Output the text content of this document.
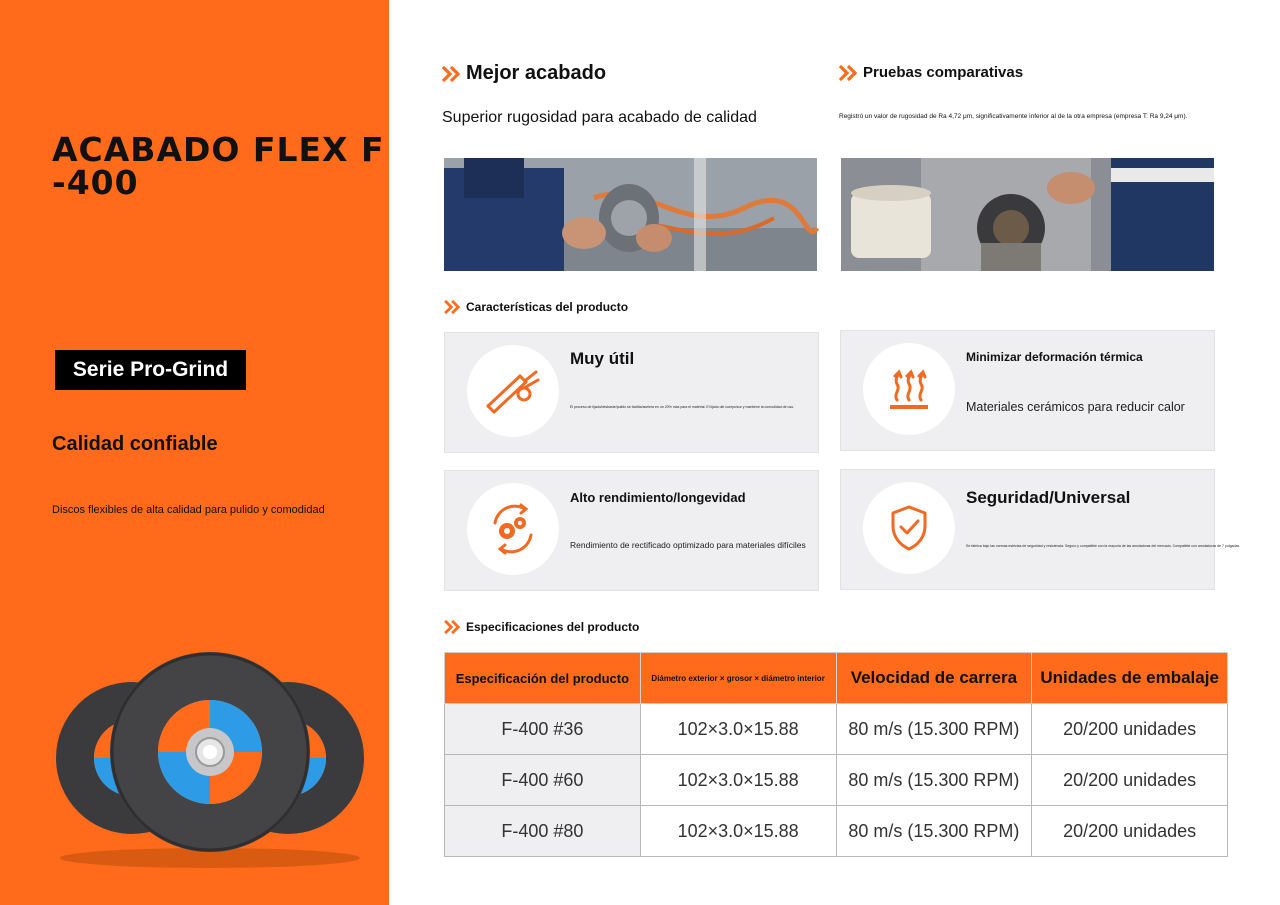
ACABADO FLEX F-400
Serie Pro-Grind
Calidad confiable
Discos flexibles de alta calidad para pulido y comodidad
Mejor acabado
Superior rugosidad para acabado de calidad
Pruebas comparativas
Registró un valor de rugosidad de Ra 4,72 μm, significativamente inferior al de la otra empresa (empresa T: Ra 9,24 μm).
Características del producto
Muy útil
El proceso de lijado/desbaste/pulido se facilita/acelera en un 20% más para el material. El lijado del cuerpo/sur y mantiene la comodidad de uso.
Minimizar deformación térmica
Materiales cerámicos para reducir calor
Alto rendimiento/longevidad
Rendimiento de rectificado optimizado para materiales difíciles
Seguridad/Universal
Se fabrica bajo las normas estrictas de seguridad y resistencia. Seguro y compatible con la mayoría de las amoladoras del mercado. Compatible con amoladoras de 7 pulgadas.
Especificaciones del producto
Especificación del producto	Diámetro exterior × grosor × diámetro interior	Velocidad de carrera	Unidades de embalaje
F-400 #36	102×3.0×15.88	80 m/s (15.300 RPM)	20/200 unidades
F-400 #60	102×3.0×15.88	80 m/s (15.300 RPM)	20/200 unidades
F-400 #80	102×3.0×15.88	80 m/s (15.300 RPM)	20/200 unidades
